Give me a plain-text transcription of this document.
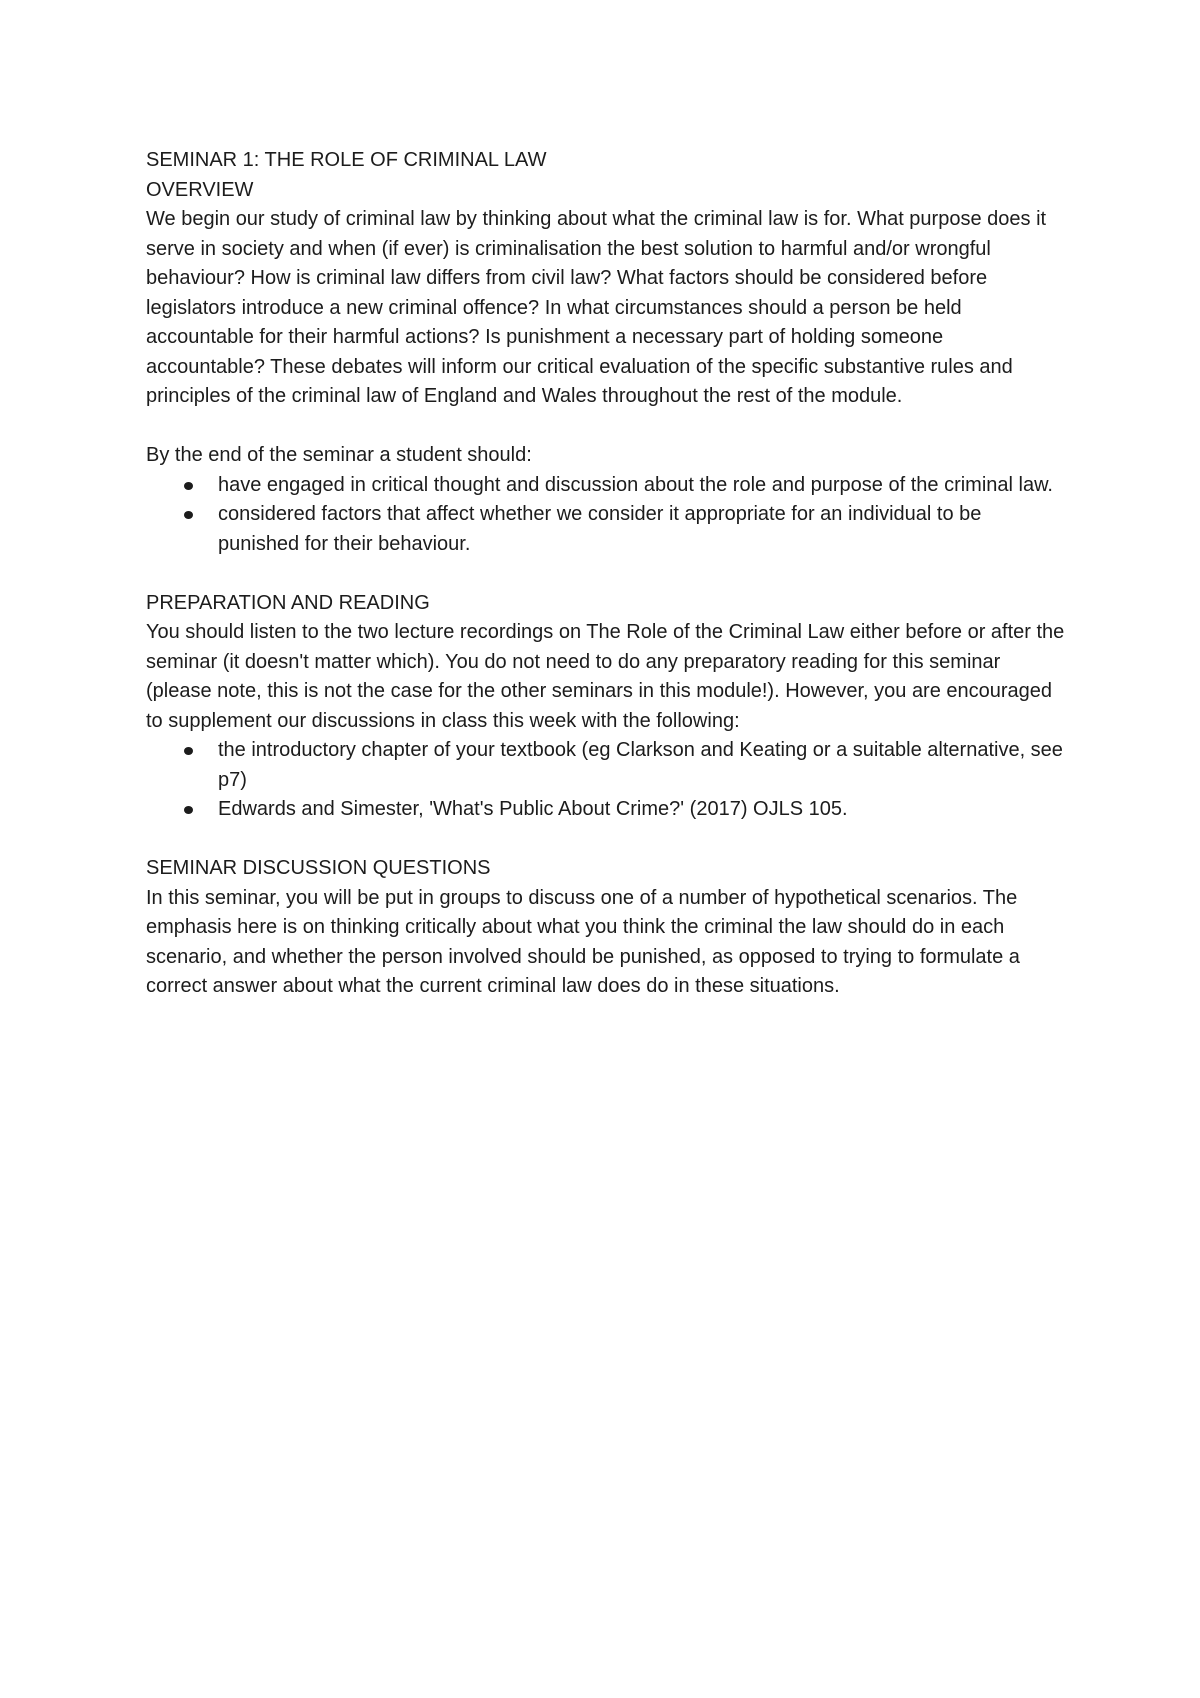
SEMINAR 1: THE ROLE OF CRIMINAL LAW

OVERVIEW

We begin our study of criminal law by thinking about what the criminal law is for. What purpose does it serve in society and when (if ever) is criminalisation the best solution to harmful and/or wrongful behaviour? How is criminal law differs from civil law? What factors should be considered before legislators introduce a new criminal offence? In what circumstances should a person be held accountable for their harmful actions? Is punishment a necessary part of holding someone accountable? These debates will inform our critical evaluation of the specific substantive rules and principles of the criminal law of England and Wales throughout the rest of the module.

By the end of the seminar a student should:

have engaged in critical thought and discussion about the role and purpose of the criminal law.
considered factors that affect whether we consider it appropriate for an individual to be punished for their behaviour.

PREPARATION AND READING

You should listen to the two lecture recordings on The Role of the Criminal Law either before or after the seminar (it doesn't matter which). You do not need to do any preparatory reading for this seminar (please note, this is not the case for the other seminars in this module!). However, you are encouraged to supplement our discussions in class this week with the following:

the introductory chapter of your textbook (eg Clarkson and Keating or a suitable alternative, see p7)
Edwards and Simester, 'What's Public About Crime?' (2017) OJLS 105.

SEMINAR DISCUSSION QUESTIONS

In this seminar, you will be put in groups to discuss one of a number of hypothetical scenarios. The emphasis here is on thinking critically about what you think the criminal the law should do in each scenario, and whether the person involved should be punished, as opposed to trying to formulate a correct answer about what the current criminal law does do in these situations.
